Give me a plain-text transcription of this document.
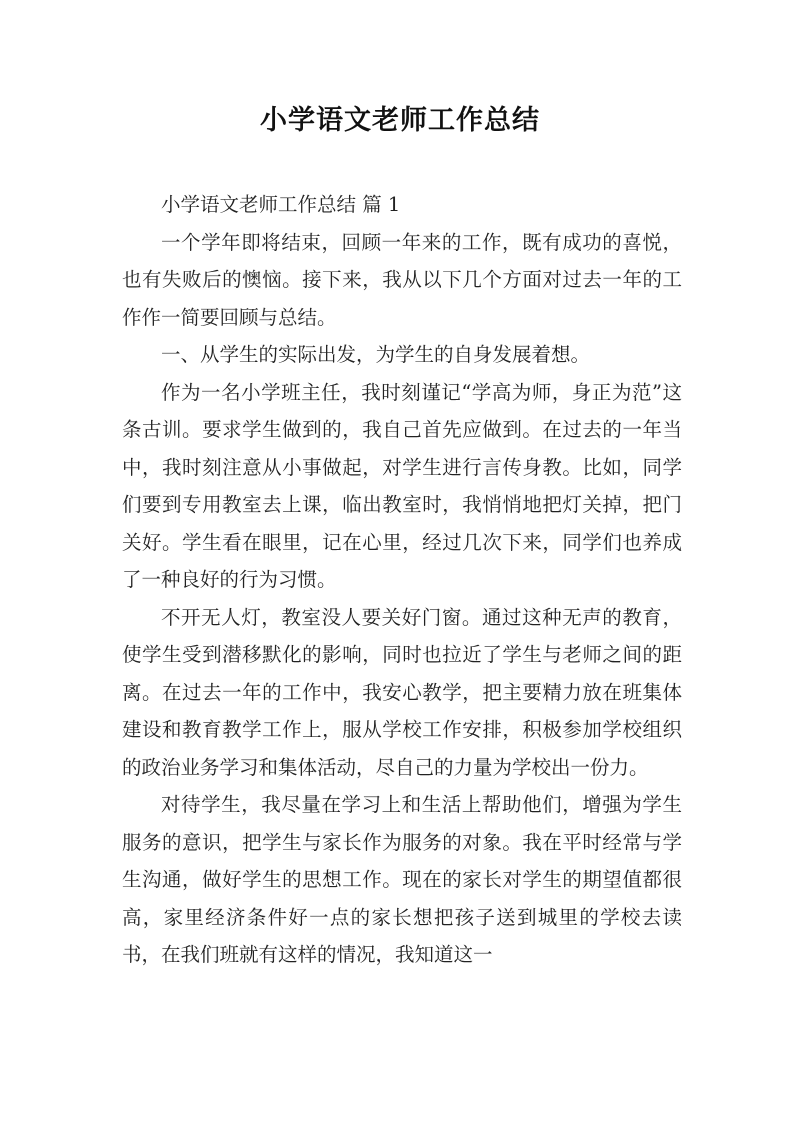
小学语文老师工作总结

小学语文老师工作总结 篇 1

一个学年即将结束，回顾一年来的工作，既有成功的喜悦，也有失败后的懊恼。接下来，我从以下几个方面对过去一年的工作作一简要回顾与总结。

一、从学生的实际出发，为学生的自身发展着想。

作为一名小学班主任，我时刻谨记“学高为师，身正为范”这条古训。要求学生做到的，我自己首先应做到。在过去的一年当中，我时刻注意从小事做起，对学生进行言传身教。比如，同学们要到专用教室去上课，临出教室时，我悄悄地把灯关掉，把门关好。学生看在眼里，记在心里，经过几次下来，同学们也养成了一种良好的行为习惯。

不开无人灯，教室没人要关好门窗。通过这种无声的教育，使学生受到潜移默化的影响，同时也拉近了学生与老师之间的距离。在过去一年的工作中，我安心教学，把主要精力放在班集体建设和教育教学工作上，服从学校工作安排，积极参加学校组织的政治业务学习和集体活动，尽自己的力量为学校出一份力。

对待学生，我尽量在学习上和生活上帮助他们，增强为学生服务的意识，把学生与家长作为服务的对象。我在平时经常与学生沟通，做好学生的思想工作。现在的家长对学生的期望值都很高，家里经济条件好一点的家长想把孩子送到城里的学校去读书，在我们班就有这样的情况，我知道这一
